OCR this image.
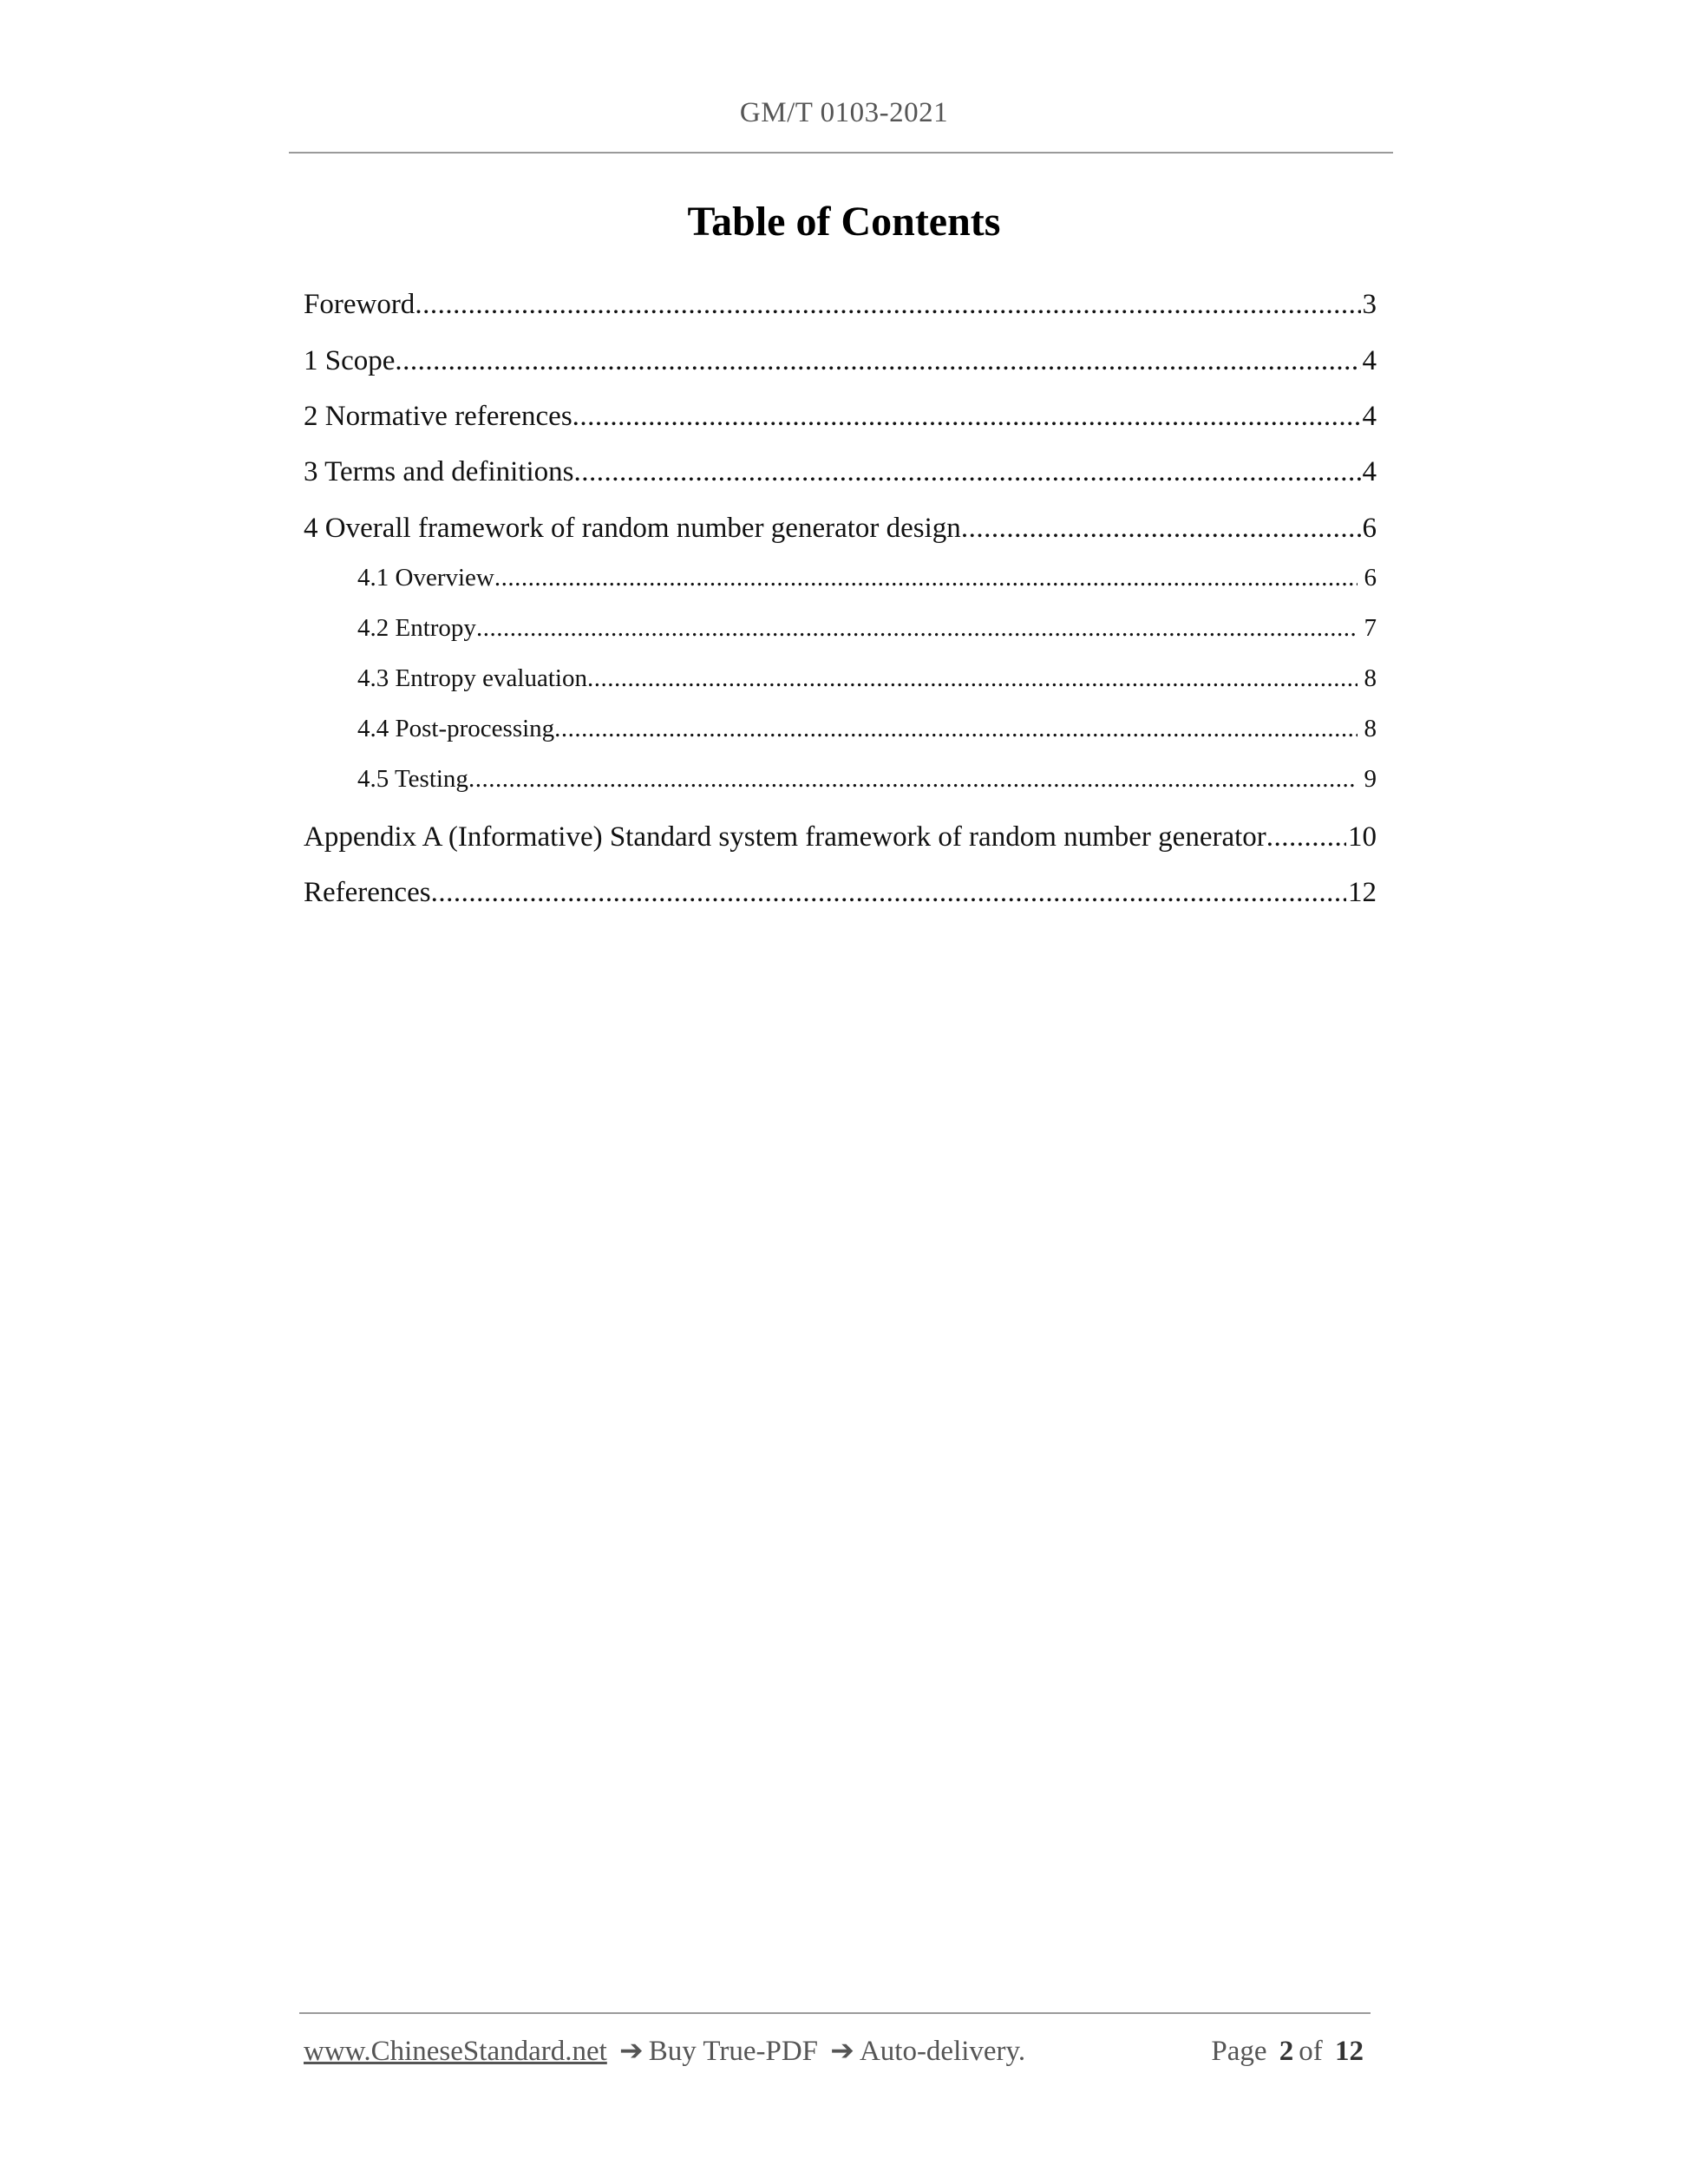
GM/T 0103-2021
Table of Contents
Foreword .....	3
1 Scope .....	4
2 Normative references .....	4
3 Terms and definitions .....	4
4 Overall framework of random number generator design .....	6
4.1 Overview .....	6
4.2 Entropy .....	7
4.3 Entropy evaluation .....	8
4.4 Post-processing .....	8
4.5 Testing .....	9
Appendix A (Informative) Standard system framework of random number generator .....	10
References .....	12
www.ChineseStandard.net ➔ Buy True-PDF ➔ Auto-delivery.	Page 2 of 12
